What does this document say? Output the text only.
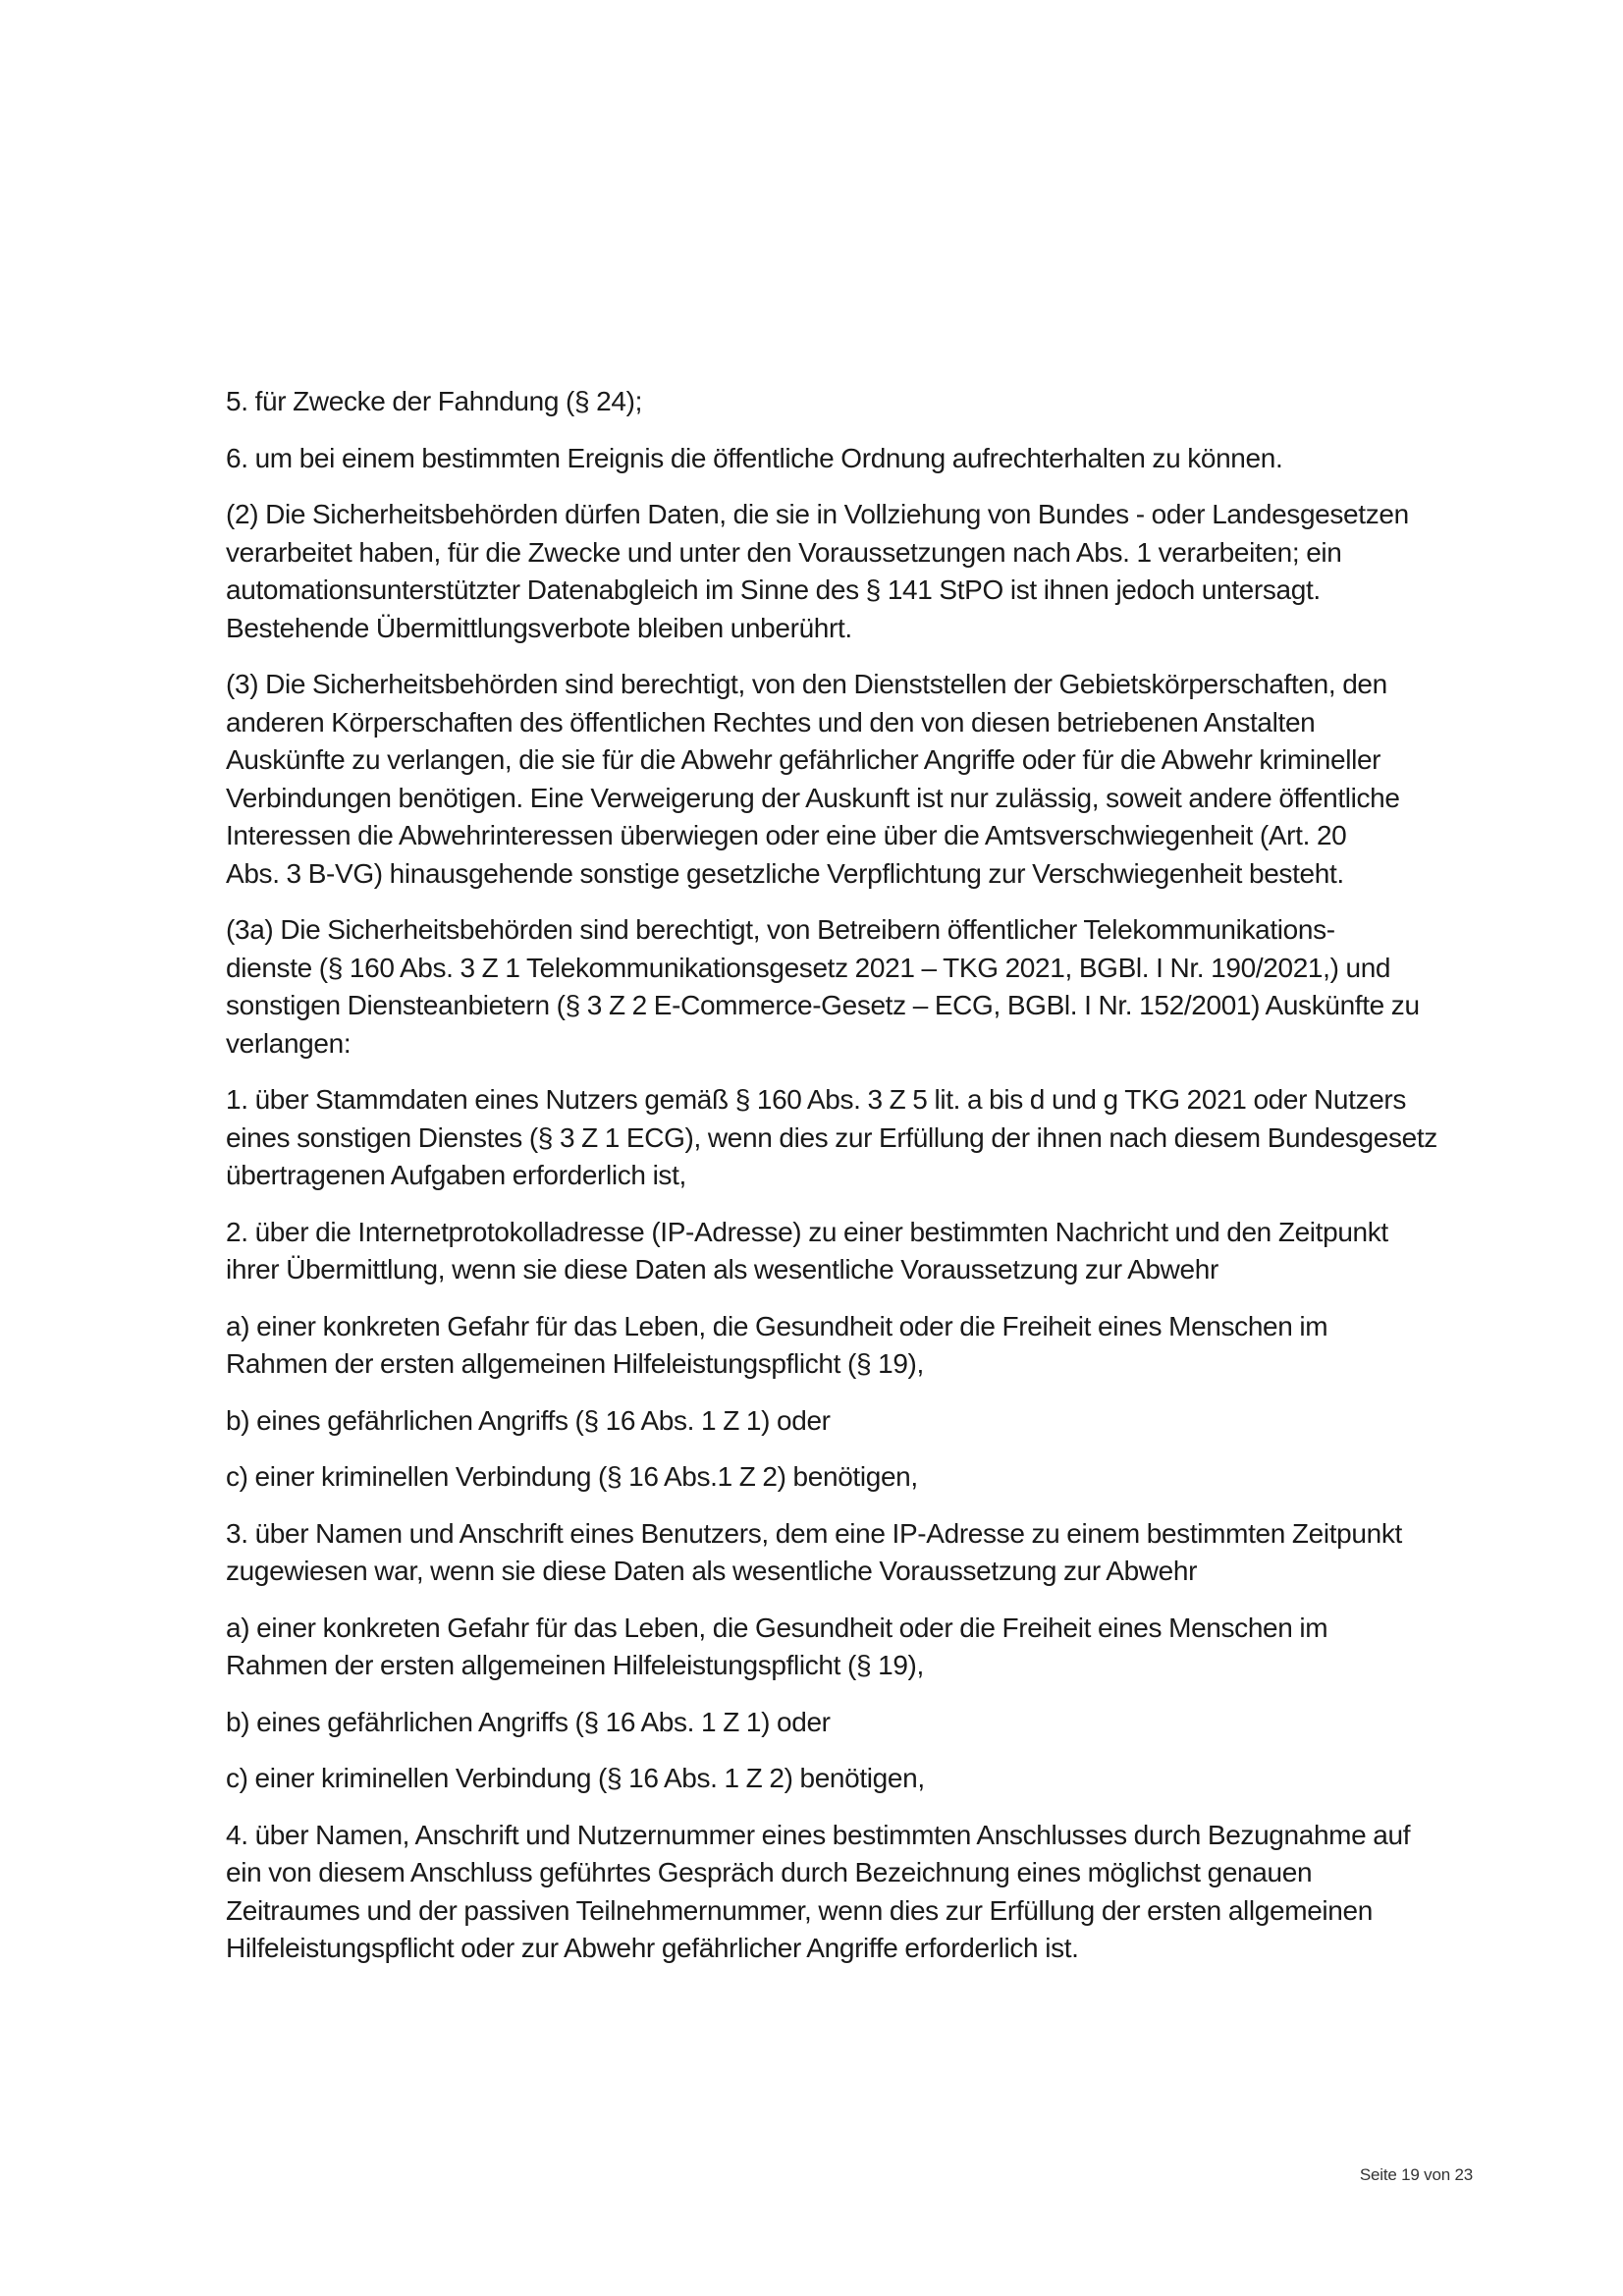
5. für Zwecke der Fahndung (§ 24);

6. um bei einem bestimmten Ereignis die öffentliche Ordnung aufrechterhalten zu können.

(2) Die Sicherheitsbehörden dürfen Daten, die sie in Vollziehung von Bundes - oder Landesgesetzen
verarbeitet haben, für die Zwecke und unter den Voraussetzungen nach Abs. 1 verarbeiten; ein
automationsunterstützter Datenabgleich im Sinne des § 141 StPO ist ihnen jedoch untersagt.
Bestehende Übermittlungsverbote bleiben unberührt.

(3) Die Sicherheitsbehörden sind berechtigt, von den Dienststellen der Gebietskörperschaften, den
anderen Körperschaften des öffentlichen Rechtes und den von diesen betriebenen Anstalten
Auskünfte zu verlangen, die sie für die Abwehr gefährlicher Angriffe oder für die Abwehr krimineller
Verbindungen benötigen. Eine Verweigerung der Auskunft ist nur zulässig, soweit andere öffentliche
Interessen die Abwehrinteressen überwiegen oder eine über die Amtsverschwiegenheit (Art. 20
Abs. 3 B-VG) hinausgehende sonstige gesetzliche Verpflichtung zur Verschwiegenheit besteht.

(3a) Die Sicherheitsbehörden sind berechtigt, von Betreibern öffentlicher Telekommunikations-
dienste (§ 160 Abs. 3 Z 1 Telekommunikationsgesetz 2021 – TKG 2021, BGBl. I Nr. 190/2021,) und
sonstigen Diensteanbietern (§ 3 Z 2 E-Commerce-Gesetz – ECG, BGBl. I Nr. 152/2001) Auskünfte zu
verlangen:

1. über Stammdaten eines Nutzers gemäß § 160 Abs. 3 Z 5 lit. a bis d und g TKG 2021 oder Nutzers
eines sonstigen Dienstes (§ 3 Z 1 ECG), wenn dies zur Erfüllung der ihnen nach diesem Bundesgesetz
übertragenen Aufgaben erforderlich ist,

2. über die Internetprotokolladresse (IP-Adresse) zu einer bestimmten Nachricht und den Zeitpunkt
ihrer Übermittlung, wenn sie diese Daten als wesentliche Voraussetzung zur Abwehr

a) einer konkreten Gefahr für das Leben, die Gesundheit oder die Freiheit eines Menschen im
Rahmen der ersten allgemeinen Hilfeleistungspflicht (§ 19),

b) eines gefährlichen Angriffs (§ 16 Abs. 1 Z 1) oder

c) einer kriminellen Verbindung (§ 16 Abs.1 Z 2) benötigen,

3. über Namen und Anschrift eines Benutzers, dem eine IP-Adresse zu einem bestimmten Zeitpunkt
zugewiesen war, wenn sie diese Daten als wesentliche Voraussetzung zur Abwehr

a) einer konkreten Gefahr für das Leben, die Gesundheit oder die Freiheit eines Menschen im
Rahmen der ersten allgemeinen Hilfeleistungspflicht (§ 19),

b) eines gefährlichen Angriffs (§ 16 Abs. 1 Z 1) oder

c) einer kriminellen Verbindung (§ 16 Abs. 1 Z 2) benötigen,

4. über Namen, Anschrift und Nutzernummer eines bestimmten Anschlusses durch Bezugnahme auf
ein von diesem Anschluss geführtes Gespräch durch Bezeichnung eines möglichst genauen
Zeitraumes und der passiven Teilnehmernummer, wenn dies zur Erfüllung der ersten allgemeinen
Hilfeleistungspflicht oder zur Abwehr gefährlicher Angriffe erforderlich ist.

Seite 19 von 23
